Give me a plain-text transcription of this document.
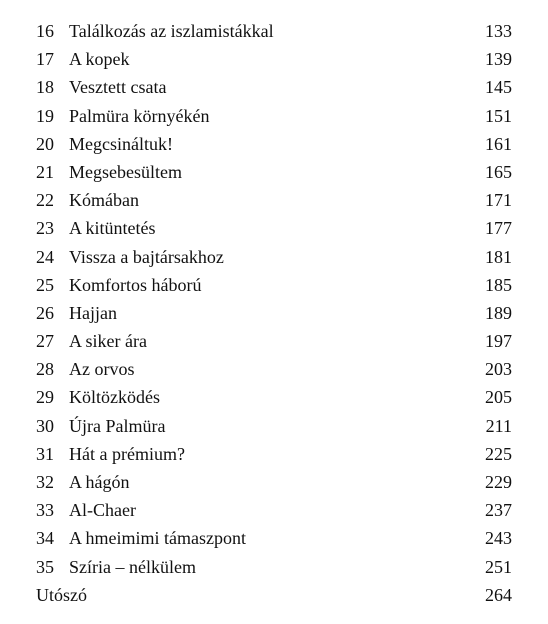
16 Találkozás az iszlamistákkal	133
17 A kopek	139
18 Vesztett csata	145
19 Palmüra környékén	151
20 Megcsináltuk!	161
21 Megsebesültem	165
22 Kómában	171
23 A kitüntetés	177
24 Vissza a bajtársakhoz	181
25 Komfortos háború	185
26 Hajjan	189
27 A siker ára	197
28 Az orvos	203
29 Költözködés	205
30 Újra Palmüra	211
31 Hát a prémium?	225
32 A hágón	229
33 Al-Chaer	237
34 A hmeimimi támaszpont	243
35 Szíria – nélkülem	251
Utószó	264
